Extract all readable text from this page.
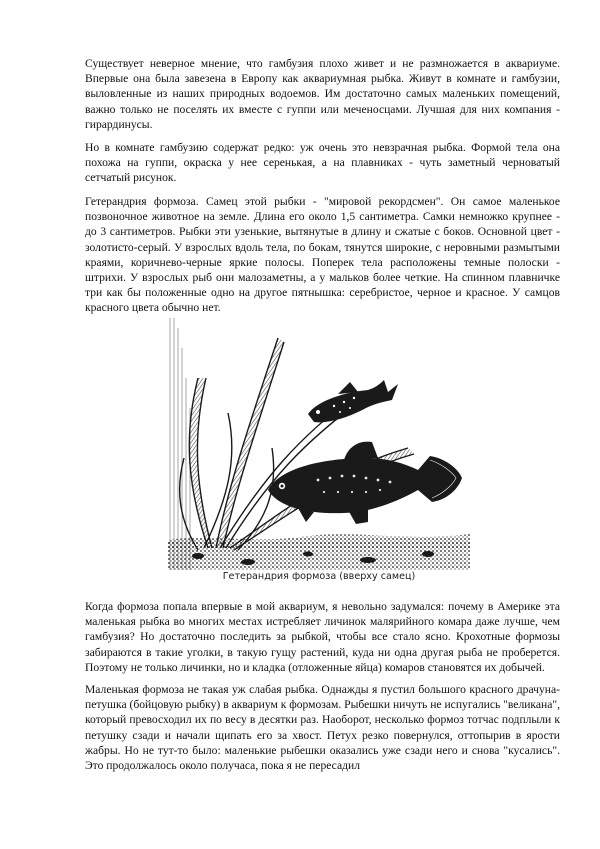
Существует неверное мнение, что гамбузия плохо живет и не размножается в аквариуме. Впервые она была завезена в Европу как аквариумная рыбка. Живут в комнате и гамбузии, выловленные из наших природных водоемов. Им достаточно самых маленьких помещений, важно только не поселять их вместе с гуппи или меченосцами. Лучшая для них компания - гирардинусы.

Но в комнате гамбузию содержат редко: уж очень это невзрачная рыбка. Формой тела она похожа на гуппи, окраска у нее сеpенькая, а на плавниках - чуть заметный черноватый сетчатый рисунок.

Гетерандрия формоза. Самец этой рыбки - "мировой рекордсмен". Он самое маленькое позвоночное животное на земле. Длина его около 1,5 сантиметра. Самки немножко крупнее - до 3 сантиметров. Рыбки эти узенькие, вытянутые в длину и сжатые с боков. Основной цвет - золотисто-серый. У взрослых вдоль тела, по бокам, тянутся широкие, с неровными размытыми краями, коричнево-черные яркие полосы. Поперек тела расположены темные полоски - штрихи. У взрослых рыб они малозаметны, а у мальков более четкие. На спинном плавничке три как бы положенные одно на другое пятнышка: серебристое, черное и красное. У самцов красного цвета обычно нет.

Гетерандрия формоза (вверху самец)

Когда формоза попала впервые в мой аквариум, я невольно задумался: почему в Америке эта маленькая рыбка во многих местах истребляет личинок малярийного комара даже лучше, чем гамбузия? Но достаточно последить за рыбкой, чтобы все стало ясно. Крохотные формозы забираются в такие уголки, в такую гущу растений, куда ни одна другая рыба не проберется. Поэтому не только личинки, но и кладка (отложенные яйца) комаров становятся их добычей.

Маленькая формоза не такая уж слабая рыбка. Однажды я пустил большого красного драчуна-петушка (бойцовую рыбку) в аквариум к формозам. Рыбешки ничуть не испугались "великана", который превосходил их по весу в десятки раз. Наоборот, несколько формоз тотчас подплыли к петушку сзади и начали щипать его за хвост. Петух резко повернулся, оттопырив в ярости жабры. Но не тут-то было: маленькие рыбешки оказались уже сзади него и снова "кусались". Это продолжалось около получаса, пока я не пересадил
